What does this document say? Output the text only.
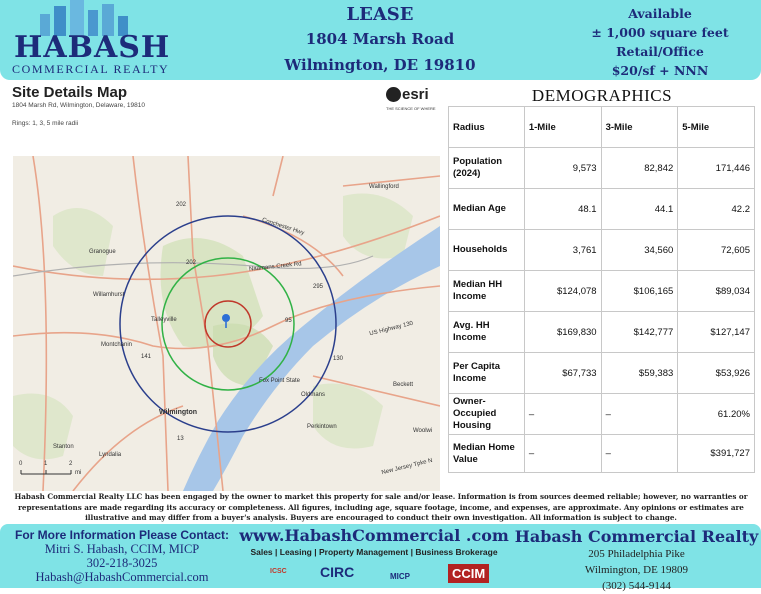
HABASH
COMMERCIAL REALTY
LEASE
1804 Marsh Road
Wilmington, DE 19810
Available
± 1,000 square feet
Retail/Office
$20/sf + NNN
Site Details Map
1804 Marsh Rd, Wilmington, Delaware, 19810
Rings: 1, 3, 5 mile radii
esri
THE SCIENCE OF WHERE
Wallingford
Granogue
Willamhurst
Talleyville
Montchanin
Wilmington
Stanton
Lyndalia
Beckett
Oldmans
Perkintown
Woolwi
Fox Point State
Conchester Hwy
Naamans Creek Rd
US Highway 130
New Jersey Tpke N
202
202
141
13
295
95
130
0	1	2
mi
DEMOGRAPHICS
Radius	1-Mile	3-Mile	5-Mile
Population (2024)	9,573	82,842	171,446
Median Age	48.1	44.1	42.2
Households	3,761	34,560	72,605
Median HH Income	$124,078	$106,165	$89,034
Avg. HH Income	$169,830	$142,777	$127,147
Per Capita Income	$67,733	$59,383	$53,926
Owner-Occupied Housing	–	–	61.20%
Median Home Value	–	–	$391,727
Habash Commercial Realty LLC has been engaged by the owner to market this property for sale and/or lease. Information is from sources deemed reliable; however, no warranties or representations are made regarding its accuracy or completeness. All figures, including age, square footage, income, and expenses, are approximate. Any opinions or estimates are illustrative and may differ from a buyer's analysis. Buyers are encouraged to conduct their own investigation. All information is subject to change.
For More Information Please Contact:
Mitri S. Habash, CCIM, MICP
302-218-3025
Habash@HabashCommercial.com
www.HabashCommercial .com
Sales | Leasing | Property Management | Business Brokerage
Habash Commercial Realty
205 Philadelphia Pike
Wilmington, DE 19809
(302) 544-9144
ICSC CIRC	MICP	CCIM
